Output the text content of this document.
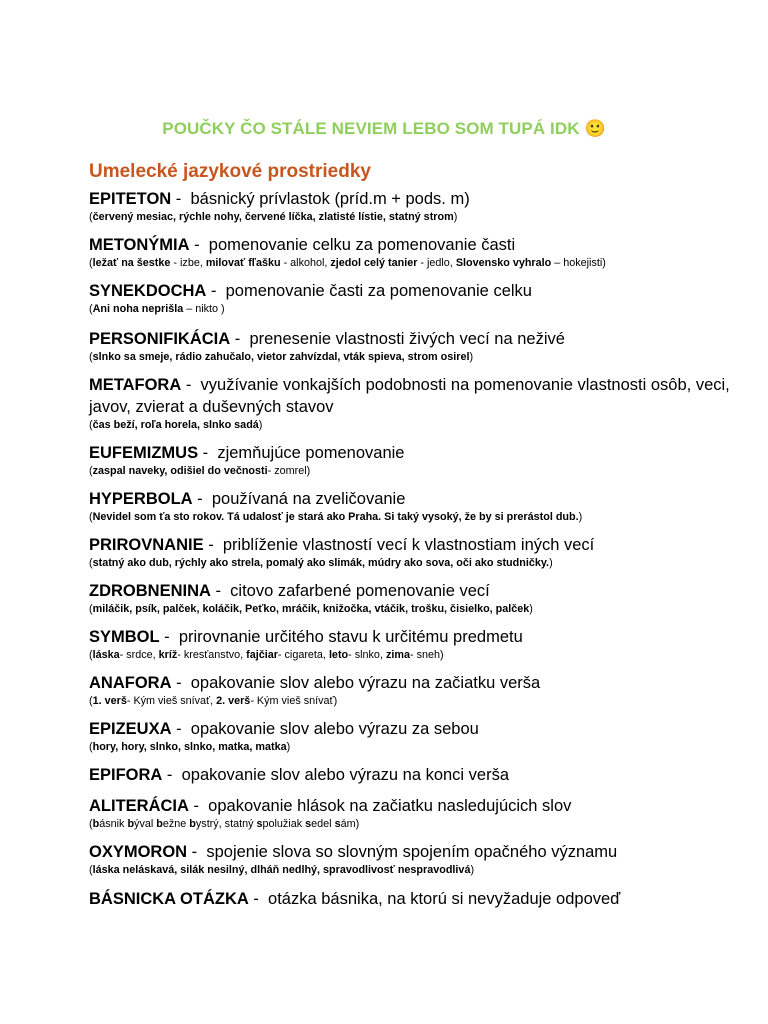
POUČKY ČO STÁLE NEVIEM LEBO SOM TUPÁ IDK 🙂
Umelecké jazykové prostriedky
EPITETON -  básnický prívlastok (príd.m + pods. m)
(červený mesiac, rýchle nohy, červené líčka, zlatisté lístie, statný strom)
METONÝMIA -  pomenovanie celku za pomenovanie časti
(ležať na šestke - izbe, milovať fľašku - alkohol, zjedol celý tanier - jedlo, Slovensko vyhralo – hokejisti)
SYNEKDOCHA -  pomenovanie časti za pomenovanie celku
(Ani noha neprišla – nikto )
PERSONIFIKÁCIA -  prenesenie vlastnosti živých vecí na neživé
(slnko sa smeje, rádio zahučalo, vietor zahvízdal, vták spieva, strom osirel)
METAFORA -  využívanie vonkajších podobnosti na pomenovanie vlastnosti osôb, veci, javov, zvierat a duševných stavov
(čas beží, roľa horela, slnko sadá)
EUFEMIZMUS -  zjemňujúce pomenovanie
(zaspal naveky, odišiel do večnosti- zomrel)
HYPERBOLA -  používaná na zveličovanie
(Nevidel som ťa sto rokov. Tá udalosť je stará ako Praha. Si taký vysoký, že by si prerástol dub.)
PRIROVNANIE -  priblíženie vlastností vecí k vlastnostiam iných vecí
(statný ako dub, rýchly ako strela, pomalý ako slimák, múdry ako sova, oči ako studničky.)
ZDROBNENINA -  citovo zafarbené pomenovanie vecí
(miláčik, psík, palček, koláčik, Peťko, mráčik, knižočka, vtáčik, trošku, čisielko, palček)
SYMBOL -  prirovnanie určitého stavu k určitému predmetu
(láska- srdce, kríž- kresťanstvo, fajčiar- cigareta, leto- slnko, zima- sneh)
ANAFORA -  opakovanie slov alebo výrazu na začiatku verša
(1. verš- Kým vieš snívať, 2. verš- Kým vieš snívať)
EPIZEUXA -  opakovanie slov alebo výrazu za sebou
(hory, hory, slnko, slnko, matka, matka)
EPIFORA -  opakovanie slov alebo výrazu na konci verša
ALITERÁCIA -  opakovanie hlások na začiatku nasledujúcich slov
(básnik býval bežne bystrý, statný spolužiak sedel sám)
OXYMORON -  spojenie slova so slovným spojením opačného významu
(láska neláskavá, silák nesilný, dlháň nedlhý, spravodlivosť nespravodlivá)
BÁSNICKA OTÁZKA -  otázka básnika, na ktorú si nevyžaduje odpoveď
